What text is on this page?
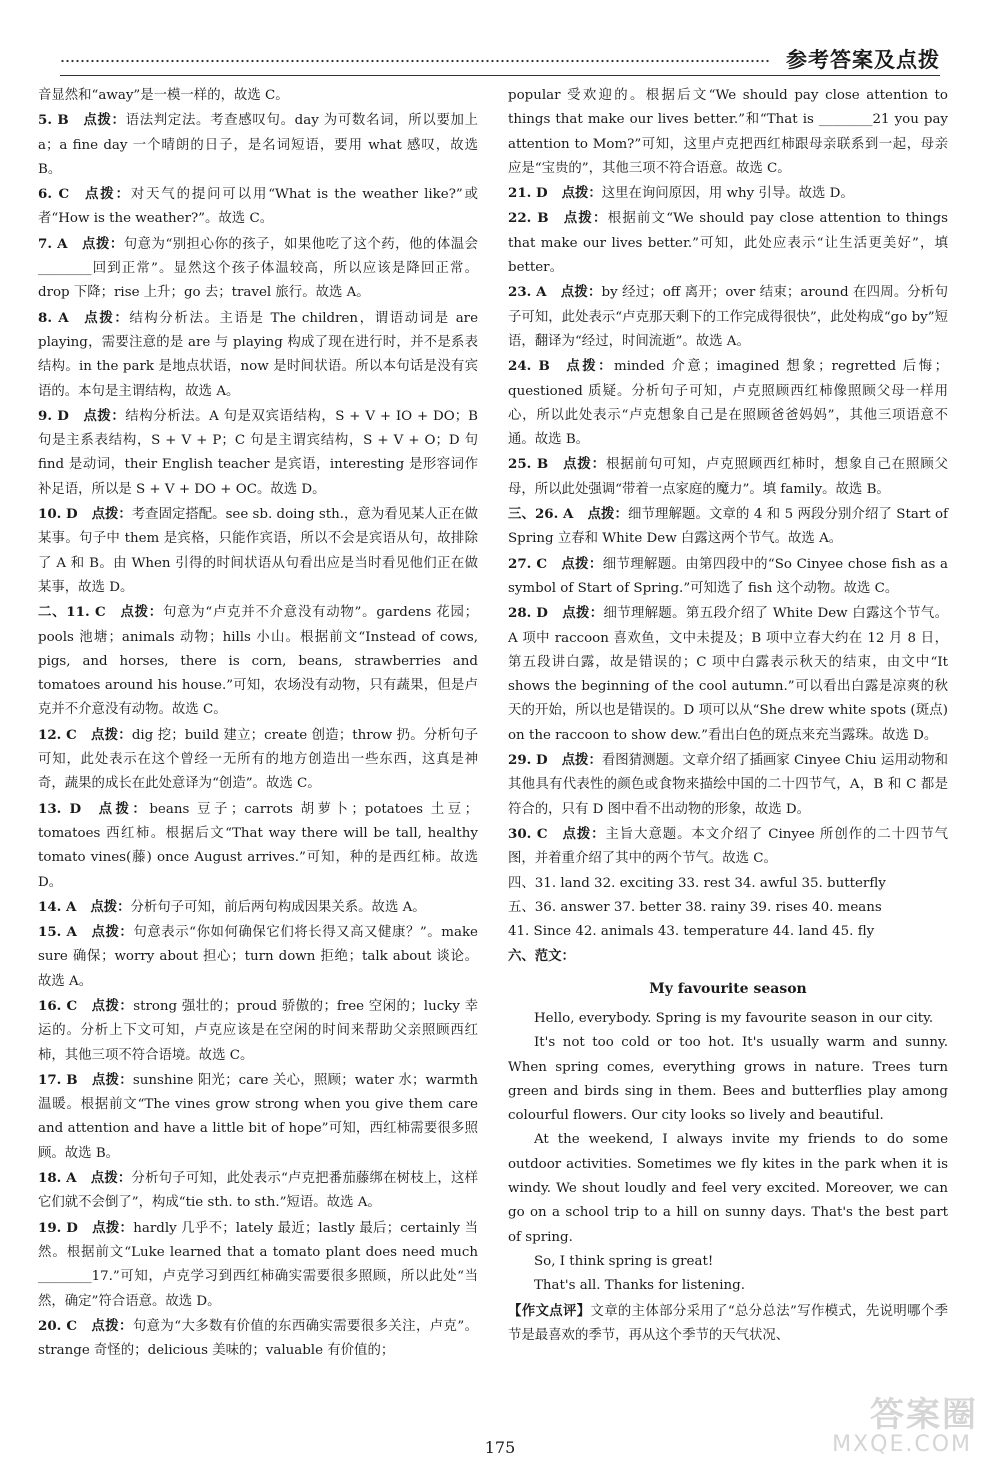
参考答案及点拨

音显然和“away”是一模一样的，故选 C。

5. B 点拨：语法判定法。考查感叹句。day 为可数名词，所以要加上 a；a fine day 一个晴朗的日子，是名词短语，要用 what 感叹，故选 B。

6. C 点拨：对天气的提问可以用“What is the weather like?”或者“How is the weather?”。故选 C。

7. A 点拨：句意为“别担心你的孩子，如果他吃了这个药，他的体温会________回到正常”。显然这个孩子体温较高，所以应该是降回正常。drop 下降；rise 上升；go 去；travel 旅行。故选 A。

8. A 点拨：结构分析法。主语是 The children，谓语动词是 are playing，需要注意的是 are 与 playing 构成了现在进行时，并不是系表结构。in the park 是地点状语，now 是时间状语。所以本句话是没有宾语的。本句是主谓结构，故选 A。

9. D 点拨：结构分析法。A 句是双宾语结构，S + V + IO + DO；B 句是主系表结构，S + V + P；C 句是主谓宾结构，S + V + O；D 句 find 是动词，their English teacher 是宾语，interesting 是形容词作补足语，所以是 S + V + DO + OC。故选 D。

10. D 点拨：考查固定搭配。see sb. doing sth.，意为看见某人正在做某事。句子中 them 是宾格，只能作宾语，所以不会是宾语从句，故排除了 A 和 B。由 When 引得的时间状语从句看出应是当时看见他们正在做某事，故选 D。

二、11. C 点拨：句意为“卢克并不介意没有动物”。gardens 花园；pools 池塘；animals 动物；hills 小山。根据前文“Instead of cows, pigs, and horses, there is corn, beans, strawberries and tomatoes around his house.”可知，农场没有动物，只有蔬果，但是卢克并不介意没有动物。故选 C。

12. C 点拨：dig 挖；build 建立；create 创造；throw 扔。分析句子可知，此处表示在这个曾经一无所有的地方创造出一些东西，这真是神奇，蔬果的成长在此处意译为“创造”。故选 C。

13. D 点拨：beans 豆子；carrots 胡萝卜；potatoes 土豆；tomatoes 西红柿。根据后文“That way there will be tall, healthy tomato vines(藤) once August arrives.”可知，种的是西红柿。故选 D。

14. A 点拨：分析句子可知，前后两句构成因果关系。故选 A。

15. A 点拨：句意表示“你如何确保它们将长得又高又健康？”。make sure 确保；worry about 担心；turn down 拒绝；talk about 谈论。故选 A。

16. C 点拨：strong 强壮的；proud 骄傲的；free 空闲的；lucky 幸运的。分析上下文可知，卢克应该是在空闲的时间来帮助父亲照顾西红柿，其他三项不符合语境。故选 C。

17. B 点拨：sunshine 阳光；care 关心，照顾；water 水；warmth 温暖。根据前文“The vines grow strong when you give them care and attention and have a little bit of hope”可知，西红柿需要很多照顾。故选 B。

18. A 点拨：分析句子可知，此处表示“卢克把番茄藤绑在树枝上，这样它们就不会倒了”，构成“tie sth. to sth.”短语。故选 A。

19. D 点拨：hardly 几乎不；lately 最近；lastly 最后；certainly 当然。根据前文“Luke learned that a tomato plant does need much ________17.”可知，卢克学习到西红柿确实需要很多照顾，所以此处“当然，确定”符合语意。故选 D。

20. C 点拨：句意为“大多数有价值的东西确实需要很多关注，卢克”。strange 奇怪的；delicious 美味的；valuable 有价值的；

popular 受欢迎的。根据后文“We should pay close attention to things that make our lives better.”和“That is ________21 you pay attention to Mom?”可知，这里卢克把西红柿跟母亲联系到一起，母亲应是“宝贵的”，其他三项不符合语意。故选 C。

21. D 点拨：这里在询问原因，用 why 引导。故选 D。

22. B 点拨：根据前文“We should pay close attention to things that make our lives better.”可知，此处应表示“让生活更美好”，填 better。

23. A 点拨：by 经过；off 离开；over 结束；around 在四周。分析句子可知，此处表示“卢克那天剩下的工作完成得很快”，此处构成“go by”短语，翻译为“经过，时间流逝”。故选 A。

24. B 点拨：minded 介意；imagined 想象；regretted 后悔；questioned 质疑。分析句子可知，卢克照顾西红柿像照顾父母一样用心，所以此处表示“卢克想象自己是在照顾爸爸妈妈”，其他三项语意不通。故选 B。

25. B 点拨：根据前句可知，卢克照顾西红柿时，想象自己在照顾父母，所以此处强调“带着一点家庭的魔力”。填 family。故选 B。

三、26. A 点拨：细节理解题。文章的 4 和 5 两段分别介绍了 Start of Spring 立春和 White Dew 白露这两个节气。故选 A。

27. C 点拨：细节理解题。由第四段中的“So Cinyee chose fish as a symbol of Start of Spring.”可知选了 fish 这个动物。故选 C。

28. D 点拨：细节理解题。第五段介绍了 White Dew 白露这个节气。A 项中 raccoon 喜欢鱼，文中未提及；B 项中立春大约在 12 月 8 日，第五段讲白露，故是错误的；C 项中白露表示秋天的结束，由文中“It shows the beginning of the cool autumn.”可以看出白露是凉爽的秋天的开始，所以也是错误的。D 项可以从“She drew white spots (斑点) on the raccoon to show dew.”看出白色的斑点来充当露珠。故选 D。

29. D 点拨：看图猜测题。文章介绍了插画家 Cinyee Chiu 运用动物和其他具有代表性的颜色或食物来描绘中国的二十四节气，A，B 和 C 都是符合的，只有 D 图中看不出动物的形象，故选 D。

30. C 点拨：主旨大意题。本文介绍了 Cinyee 所创作的二十四节气图，并着重介绍了其中的两个节气。故选 C。

四、31. land 32. exciting 33. rest 34. awful 35. butterfly

五、36. answer 37. better 38. rainy 39. rises 40. means

41. Since 42. animals 43. temperature 44. land 45. fly

六、范文：

My favourite season

Hello, everybody. Spring is my favourite season in our city.

It's not too cold or too hot. It's usually warm and sunny. When spring comes, everything grows in nature. Trees turn green and birds sing in them. Bees and butterflies play among colourful flowers. Our city looks so lively and beautiful.

At the weekend, I always invite my friends to do some outdoor activities. Sometimes we fly kites in the park when it is windy. We shout loudly and feel very excited. Moreover, we can go on a school trip to a hill on sunny days. That's the best part of spring.

So, I think spring is great!

That's all. Thanks for listening.

【作文点评】文章的主体部分采用了“总分总法”写作模式，先说明哪个季节是最喜欢的季节，再从这个季节的天气状况、

175
答案圈
MXQE.COM
